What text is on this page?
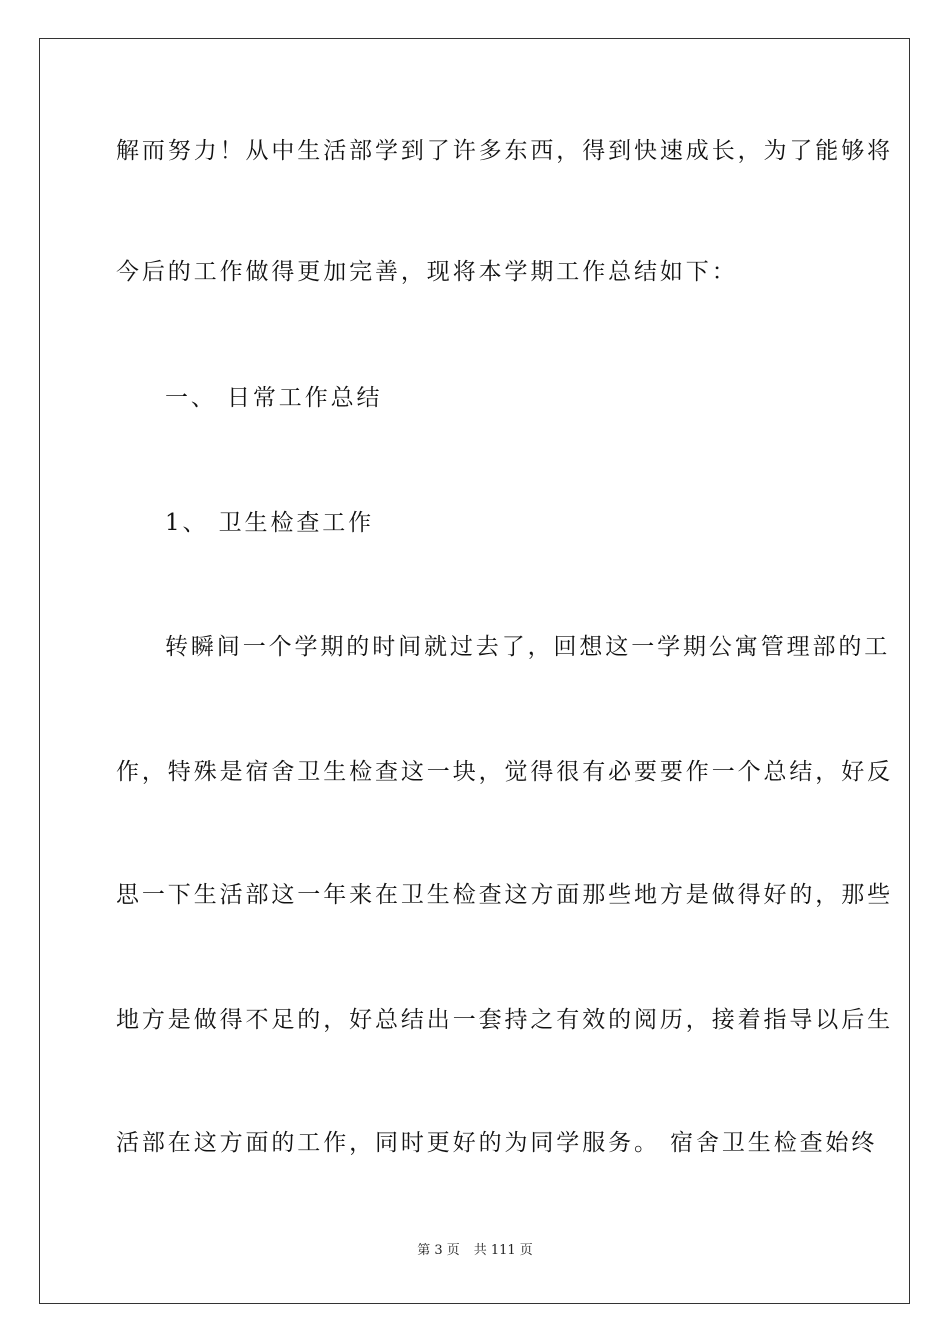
解而努力！从中生活部学到了许多东西，得到快速成长，为了能够将
今后的工作做得更加完善，现将本学期工作总结如下：
一、 日常工作总结
1、 卫生检查工作
转瞬间一个学期的时间就过去了，回想这一学期公寓管理部的工
作，特殊是宿舍卫生检查这一块，觉得很有必要要作一个总结，好反
思一下生活部这一年来在卫生检查这方面那些地方是做得好的，那些
地方是做得不足的，好总结出一套持之有效的阅历，接着指导以后生
活部在这方面的工作，同时更好的为同学服务。 宿舍卫生检查始终
第 3 页 共 111 页
